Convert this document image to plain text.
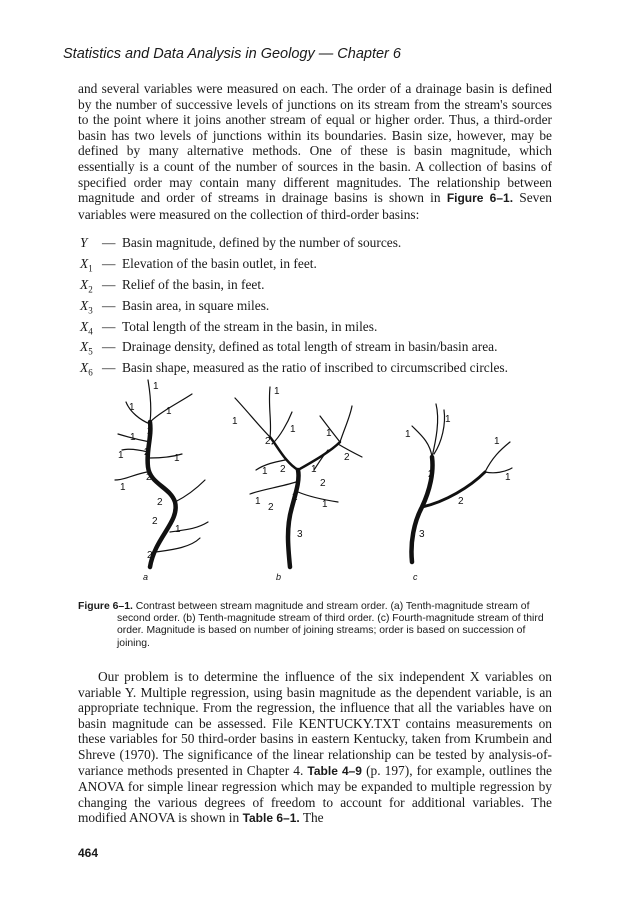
Statistics and Data Analysis in Geology — Chapter 6
and several variables were measured on each. The order of a drainage basin is defined by the number of successive levels of junctions on its stream from the stream's sources to the point where it joins another stream of equal or higher order. Thus, a third-order basin has two levels of junctions within its boundaries. Basin size, however, may be defined by many alternative methods. One of these is basin magnitude, which essentially is a count of the number of sources in the basin. A collection of basins of specified order may contain many different magnitudes. The relationship between magnitude and order of streams in drainage basins is shown in Figure 6–1. Seven variables were measured on the collection of third-order basins:
Y	— Basin magnitude, defined by the number of sources.
$X_1$ — Elevation of the basin outlet, in feet.
$X_2$ — Relief of the basin, in feet.
$X_3$ — Basin area, in square miles.
$X_4$ — Total length of the stream in the basin, in miles.
$X_5$ — Drainage density, defined as total length of stream in basin/basin area.
$X_6$ — Basin shape, measured as the ratio of inscribed to circumscribed circles.
1
1	1
2
1
2
1	1
2
1
2
2
1
2
a
1
2
1
1	1
2
1 2	1
2
2
1
2	1
3
b
1
1
2
1
2
1
3
c
Figure 6–1. Contrast between stream magnitude and stream order. (a) Tenth-magnitude stream of second order. (b) Tenth-magnitude stream of third order. (c) Fourth-magnitude stream of third order. Magnitude is based on number of joining streams; order is based on succession of joining.
Our problem is to determine the influence of the six independent X variables on variable Y. Multiple regression, using basin magnitude as the dependent variable, is an appropriate technique. From the regression, the influence that all the variables have on basin magnitude can be assessed. File KENTUCKY.TXT contains measurements on these variables for 50 third-order basins in eastern Kentucky, taken from Krumbein and Shreve (1970). The significance of the linear relationship can be tested by analysis-of-variance methods presented in Chapter 4. Table 4–9 (p. 197), for example, outlines the ANOVA for simple linear regression which may be expanded to multiple regression by changing the various degrees of freedom to account for additional variables. The modified ANOVA is shown in Table 6–1. The
464
